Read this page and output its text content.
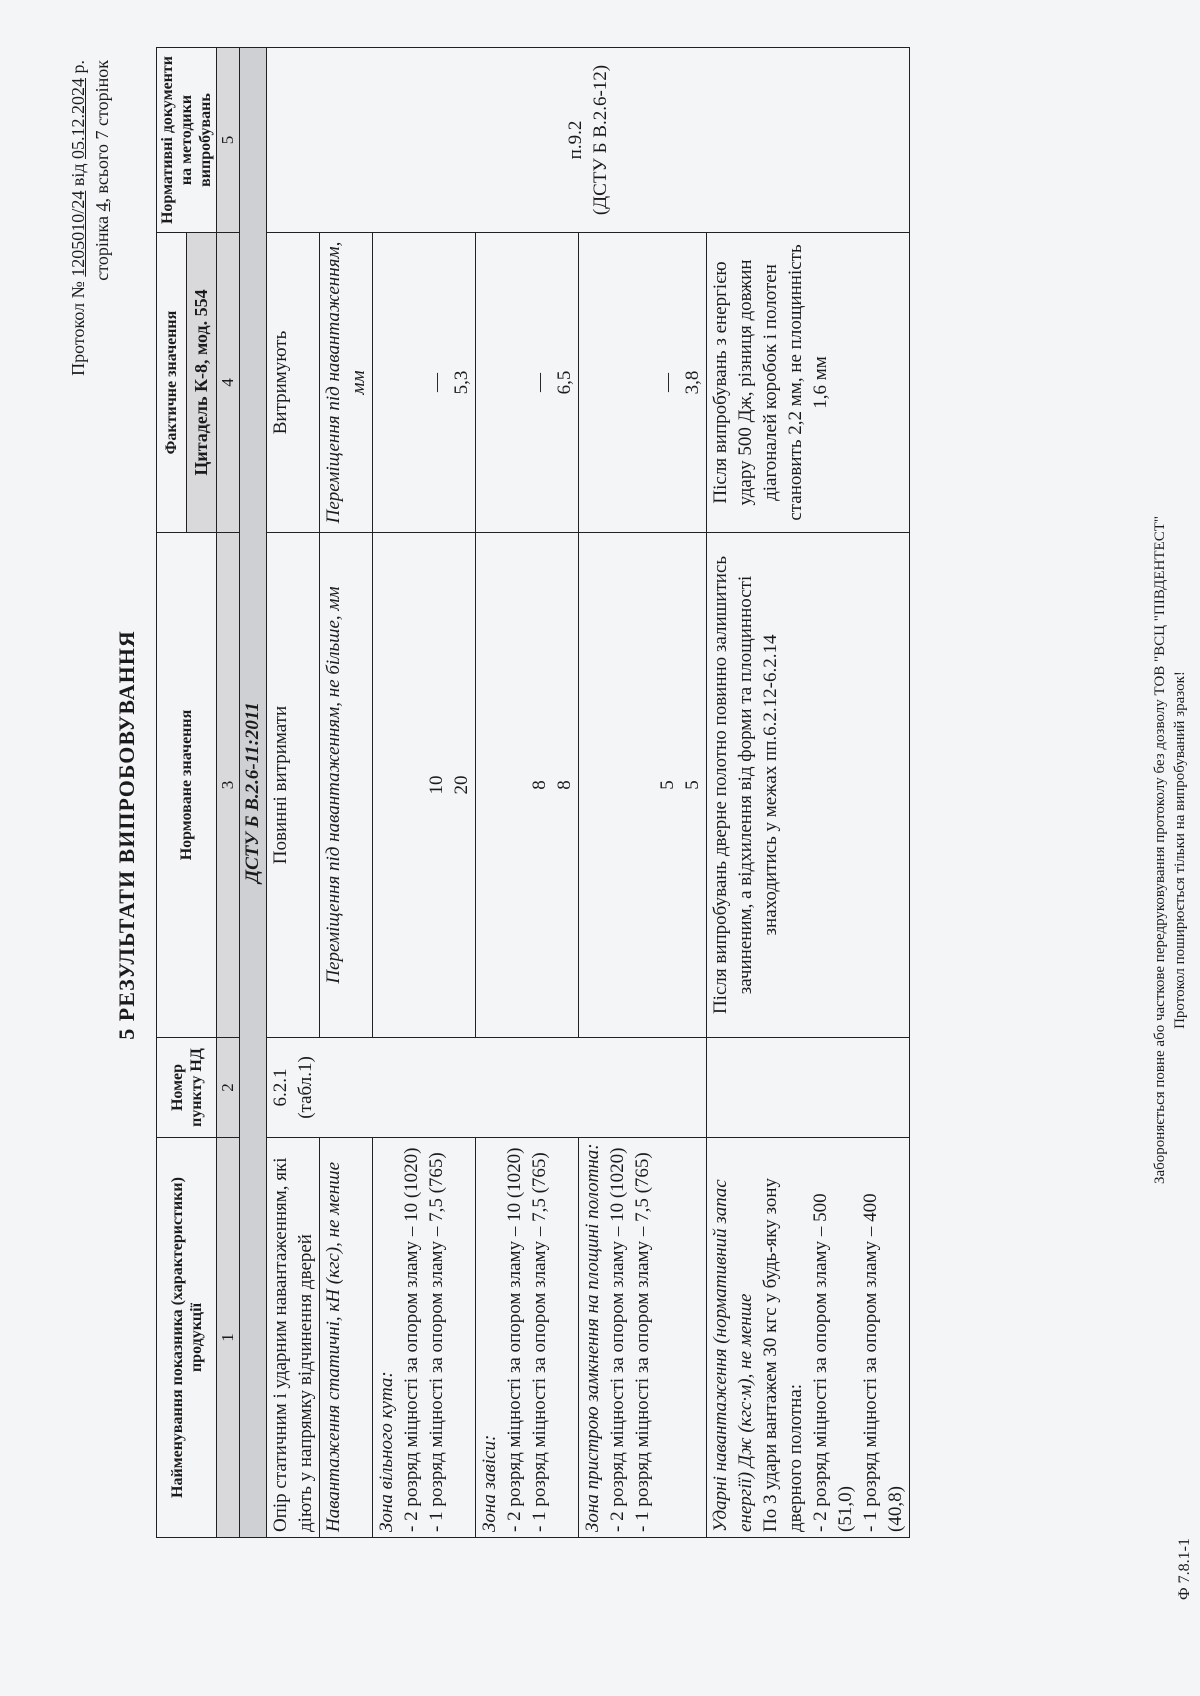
Протокол № 1205010/24 від 05.12.2024 р.
сторінка 4, всього 7 сторінок
5 РЕЗУЛЬТАТИ ВИПРОБОВУВАННЯ
Найменування показника (характеристики) продукції	Номер пункту НД	Нормоване значення	Фактичне значення	Нормативні документи на методики випробувань
			Цитадель К-8, мод. 554	
1	2	3	4	5
ДСТУ Б В.2.6-11:2011				
Опір статичним і ударним навантаженням, які діють у напрямку відчинення дверей	6.2.1 (табл.1)	Повинні витримати	Витримують	п.9.2 (ДСТУ Б В.2.6-12)

Навантаження статичні, кН (кгс), не менше		Переміщення під навантаженням, не більше, мм	Переміщення під навантаженням, мм	

Зона вільного кута: - 2 розряд міцності за опором зламу – 10 (1020) - 1 розряд міцності за опором зламу – 7,5 (765)		10 20	— 5,3	

Зона завіси: - 2 розряд міцності за опором зламу – 10 (1020) - 1 розряд міцності за опором зламу – 7,5 (765)		8 8	— 6,5	

Зона пристрою замкнення на площині полотна: - 2 розряд міцності за опором зламу – 10 (1020) - 1 розряд міцності за опором зламу – 7,5 (765)		5 5	— 3,8	

Ударні навантаження (нормативний запас енергії) Дж (кгс·м), не менше По 3 удари вантажем 30 кгс у будь-яку зону дверного полотна: - 2 розряд міцності за опором зламу – 500 (51,0) - 1 розряд міцності за опором зламу – 400 (40,8)		Після випробувань дверне полотно повинно залишитись зачиненим, а відхилення від форми та площинності знаходитись у межах пп.6.2.12-6.2.14	Після випробувань з енергією удару 500 Дж, різниця довжин діагоналей коробок і полотен становить 2,2 мм, не площинність 1,6 мм	
Забороняється повне або часткове передруковування протоколу без дозволу ТОВ "ВСЦ "ПІВДЕНТЕСТ" Протокол поширюється тільки на випробуваний зразок!
Ф 7.8.1-1
